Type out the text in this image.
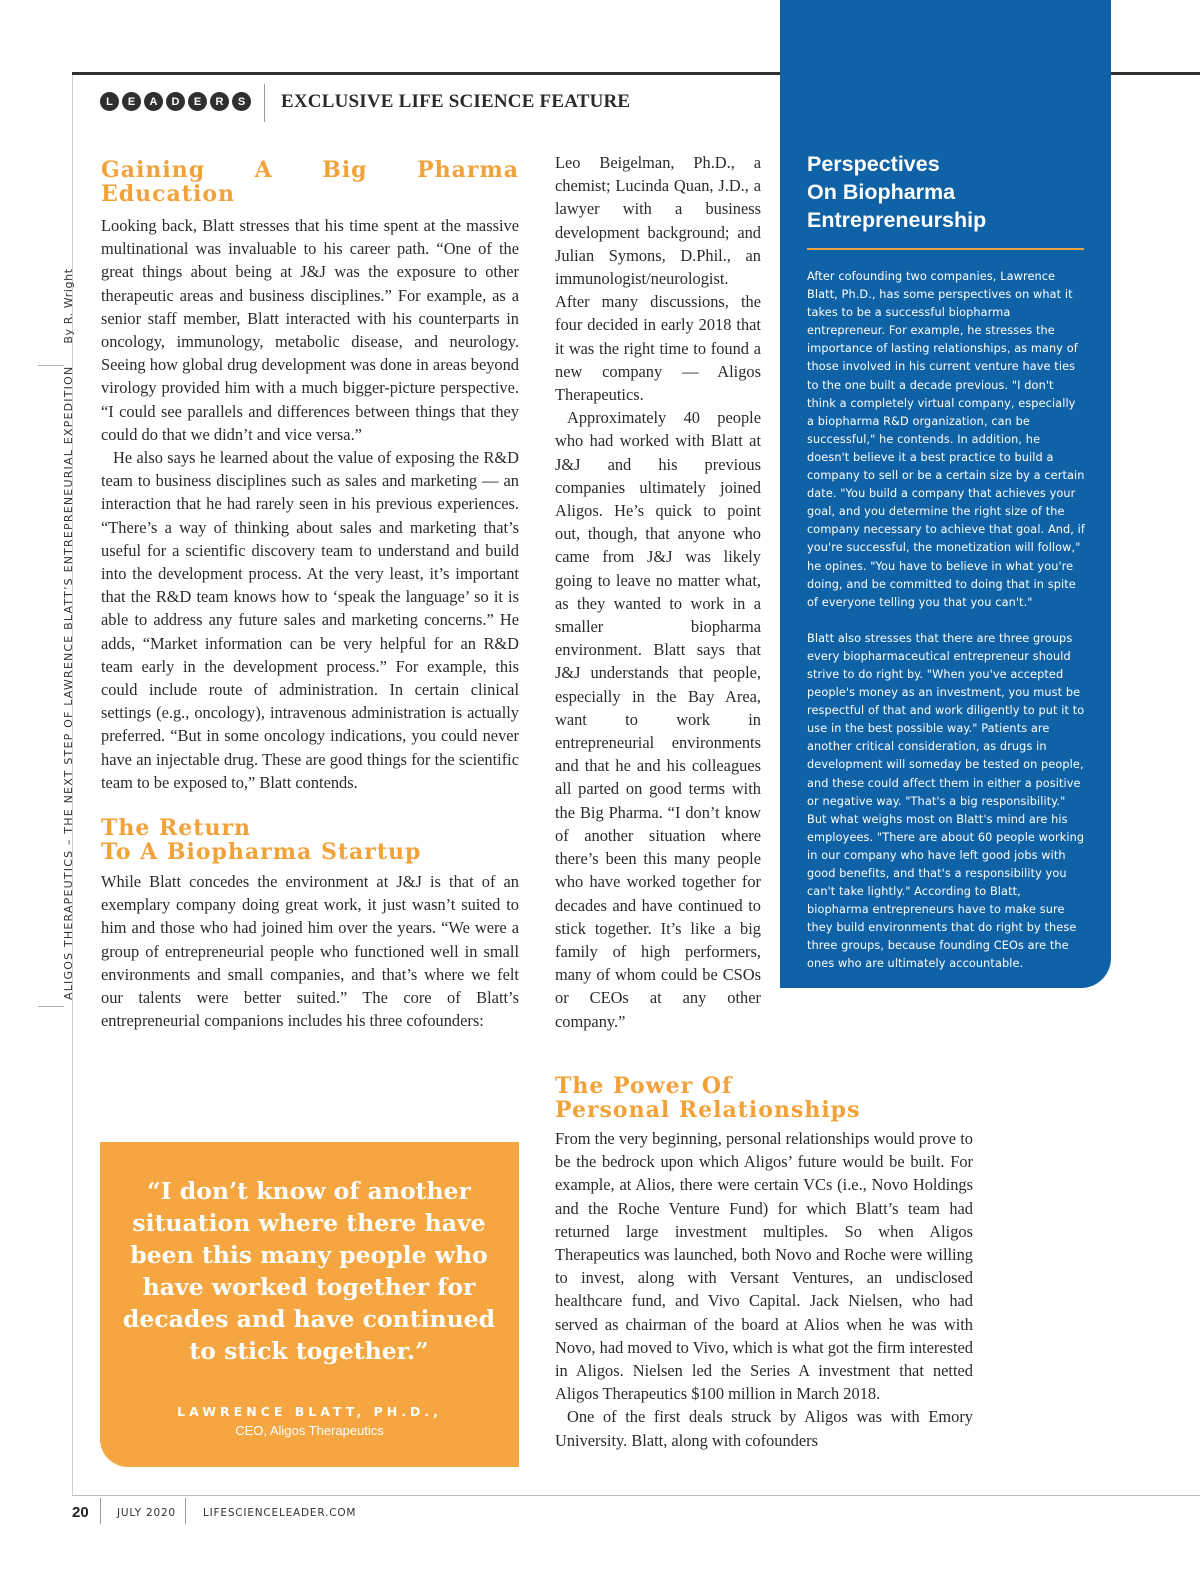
L	E	A	D	E	R	S	EXCLUSIVE LIFE SCIENCE FEATURE
ALIGOS THERAPEUTICS – THE NEXT STEP OF LAWRENCE BLATT’S ENTREPRENEURIAL EXPEDITIONBy R. Wright
Gaining A Big Pharma Education

Looking back, Blatt stresses that his time spent at the massive multinational was invaluable to his career path. “One of the great things about being at J&J was the exposure to other therapeutic areas and business disciplines.” For example, as a senior staff member, Blatt interacted with his counterparts in oncology, immunology, metabolic disease, and neurology. Seeing how global drug development was done in areas beyond virology provided him with a much bigger-picture perspective. “I could see parallels and differences between things that they could do that we didn’t and vice versa.”

He also says he learned about the value of exposing the R&D team to business disciplines such as sales and marketing — an interaction that he had rarely seen in his previous experiences. “There’s a way of thinking about sales and marketing that’s useful for a scientific discovery team to understand and build into the development process. At the very least, it’s important that the R&D team knows how to ‘speak the language’ so it is able to address any future sales and marketing concerns.” He adds, “Market information can be very helpful for an R&D team early in the development process.” For example, this could include route of administration. In certain clinical settings (e.g., oncology), intravenous administration is actually preferred. “But in some oncology indications, you could never have an injectable drug. These are good things for the scientific team to be exposed to,” Blatt contends.

The Return
To A Biopharma Startup

While Blatt concedes the environment at J&J is that of an exemplary company doing great work, it just wasn’t suited to him and those who had joined him over the years. “We were a group of entrepreneurial people who functioned well in small environments and small companies, and that’s where we felt our talents were better suited.” The core of Blatt’s entrepreneurial companions includes his three cofounders:

Leo Beigelman, Ph.D., a chemist; Lucinda Quan, J.D., a lawyer with a business development background; and Julian Symons, D.Phil., an immunologist/neurologist. After many discussions, the four decided in early 2018 that it was the right time to found a new company — Aligos Therapeutics.

Approximately 40 people who had worked with Blatt at J&J and his previous companies ultimately joined Aligos. He’s quick to point out, though, that anyone who came from J&J was likely going to leave no matter what, as they wanted to work in a smaller biopharma environment. Blatt says that J&J understands that people, especially in the Bay Area, want to work in entrepreneurial environments and that he and his colleagues all parted on good terms with the Big Pharma. “I don’t know of another situation where there’s been this many people who have worked together for decades and have continued to stick together. It’s like a big family of high performers, many of whom could be CSOs or CEOs at any other company.”

The Power Of
Personal Relationships

From the very beginning, personal relationships would prove to be the bedrock upon which Aligos’ future would be built. For example, at Alios, there were certain VCs (i.e., Novo Holdings and the Roche Venture Fund) for which Blatt’s team had returned large investment multiples. So when Aligos Therapeutics was launched, both Novo and Roche were willing to invest, along with Versant Ventures, an undisclosed healthcare fund, and Vivo Capital. Jack Nielsen, who had served as chairman of the board at Alios when he was with Novo, had moved to Vivo, which is what got the firm interested in Aligos. Nielsen led the Series A investment that netted Aligos Therapeutics $100 million in March 2018.

One of the first deals struck by Aligos was with Emory University. Blatt, along with cofounders

Perspectives
On Biopharma
Entrepreneurship

After cofounding two companies, Lawrence Blatt, Ph.D., has some perspectives on what it takes to be a successful biopharma entrepreneur. For example, he stresses the importance of lasting relationships, as many of those involved in his current venture have ties to the one built a decade previous. "I don't think a completely virtual company, especially a biopharma R&D organization, can be successful," he contends. In addition, he doesn't believe it a best practice to build a company to sell or be a certain size by a certain date. "You build a company that achieves your goal, and you determine the right size of the company necessary to achieve that goal. And, if you're successful, the monetization will follow," he opines. "You have to believe in what you're doing, and be committed to doing that in spite of everyone telling you that you can't."

Blatt also stresses that there are three groups every biopharmaceutical entrepreneur should strive to do right by. "When you've accepted people's money as an investment, you must be respectful of that and work diligently to put it to use in the best possible way." Patients are another critical consideration, as drugs in development will someday be tested on people, and these could affect them in either a positive or negative way. "That's a big responsibility." But what weighs most on Blatt's mind are his employees. "There are about 60 people working in our company who have left good jobs with good benefits, and that's a responsibility you can't take lightly." According to Blatt, biopharma entrepreneurs have to make sure they build environments that do right by these three groups, because founding CEOs are the ones who are ultimately accountable.

“I don’t know of another situation where there have been this many people who have worked together for decades and have continued to stick together.”
LAWRENCE BLATT, PH.D.,
CEO, Aligos Therapeutics
20	JULY 2020	LIFESCIENCELEADER.COM
